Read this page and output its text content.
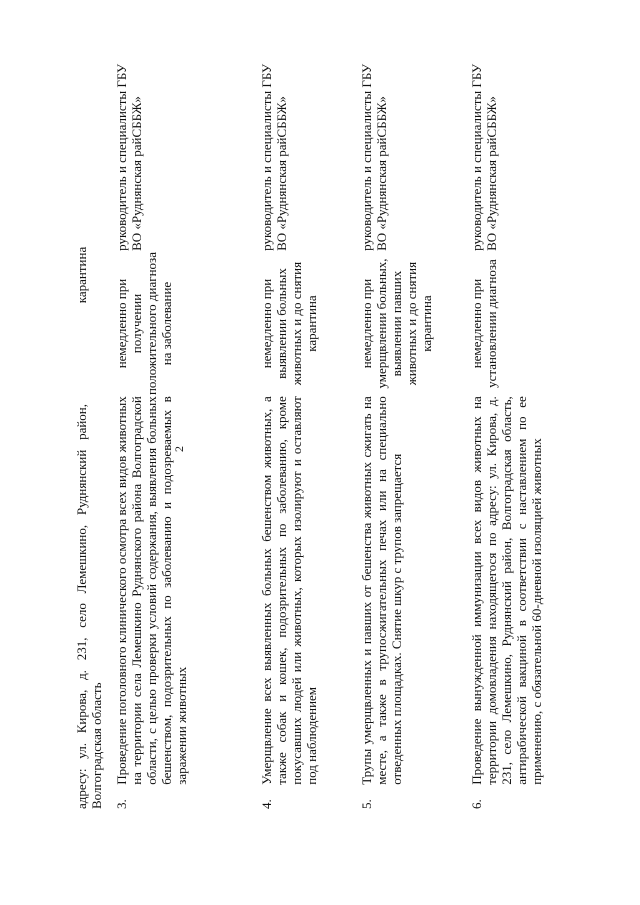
2
адресу: ул. Кирова, д. 231, село Лемешкино, Руднянский район, Волгоградская область
карантина
3.	Проведение поголовного клинического осмотра всех видов животных на территории села Лемешкино Руднянского района Волгоградской области, с целью проверки условий содержания, выявления больных бешенством, подозрительных по заболеванию и подозреваемых в заражении животных	немедленно при получении положительного диагноза на заболевание	руководитель и специалисты ГБУ ВО «Руднянская райСББЖ»
4.	Умерщвление всех выявленных больных бешенством животных, а также собак и кошек, подозрительных по заболеванию, кроме покусавших людей или животных, которых изолируют и оставляют под наблюдением	немедленно при выявлении больных животных и до снятия карантина	руководитель и специалисты ГБУ ВО «Руднянская райСББЖ»
5.	Трупы умерщвленных и павших от бешенства животных сжигать на месте, а также в трупосжигательных печах или на специально отведенных площадках. Снятие шкур с трупов запрещается	немедленно при умерщвлении больных, выявлении павших животных и до снятия карантина	руководитель и специалисты ГБУ ВО «Руднянская райСББЖ»
6.	Проведение вынужденной иммунизации всех видов животных на территории домовладения находящегося по адресу: ул. Кирова, д. 231, село Лемешкино, Руднянский район, Волгоградская область, антирабической вакциной в соответствии с наставлением по ее применению, с обязательной 60-дневной изоляцией животных	немедленно при установлении диагноза	руководитель и специалисты ГБУ ВО «Руднянская райСББЖ»
